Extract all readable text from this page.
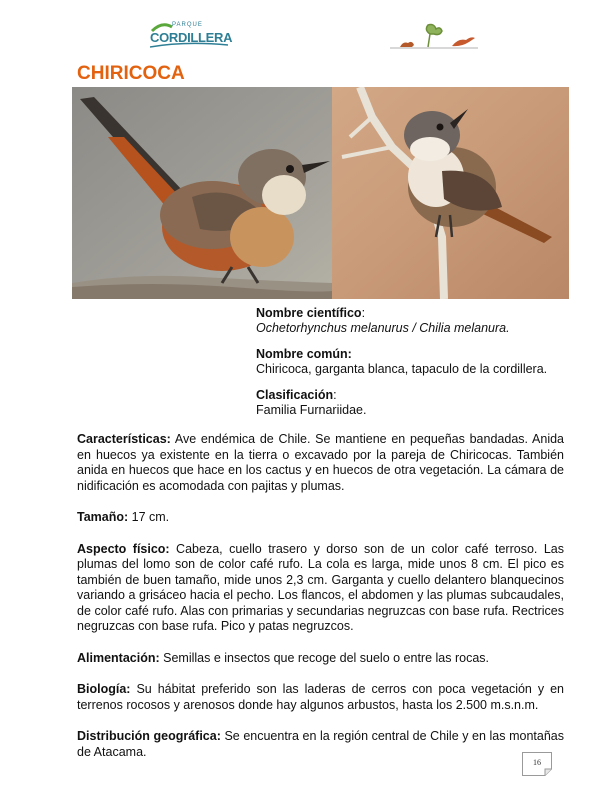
PARQUE
CORDILLERA
CHIRICOCA
Nombre científico:
Ochetorhynchus melanurus / Chilia melanura.
Nombre común:
Chiricoca, garganta blanca, tapaculo de la cordillera.
Clasificación:
Familia Furnariidae.

Características: Ave endémica de Chile. Se mantiene en pequeñas bandadas. Anida en huecos ya existente en la tierra o excavado por la pareja de Chiricocas. También anida en huecos que hace en los cactus y en huecos de otra vegetación. La cámara de nidificación es acomodada con pajitas y plumas.

Tamaño: 17 cm.

Aspecto físico: Cabeza, cuello trasero y dorso son de un color café terroso. Las plumas del lomo son de color café rufo. La cola es larga, mide unos 8 cm. El pico es también de buen tamaño, mide unos 2,3 cm. Garganta y cuello delantero blanquecinos variando a grisáceo hacia el pecho. Los flancos, el abdomen y las plumas subcaudales, de color café rufo. Alas con primarias y secundarias negruzcas con base rufa. Rectrices negruzcas con base rufa. Pico y patas negruzcos.

Alimentación: Semillas e insectos que recoge del suelo o entre las rocas.

Biología: Su hábitat preferido son las laderas de cerros con poca vegetación y en terrenos rocosos y arenosos donde hay algunos arbustos, hasta los 2.500 m.s.n.m.

Distribución geográfica: Se encuentra en la región central de Chile y en las montañas de Atacama.

16
